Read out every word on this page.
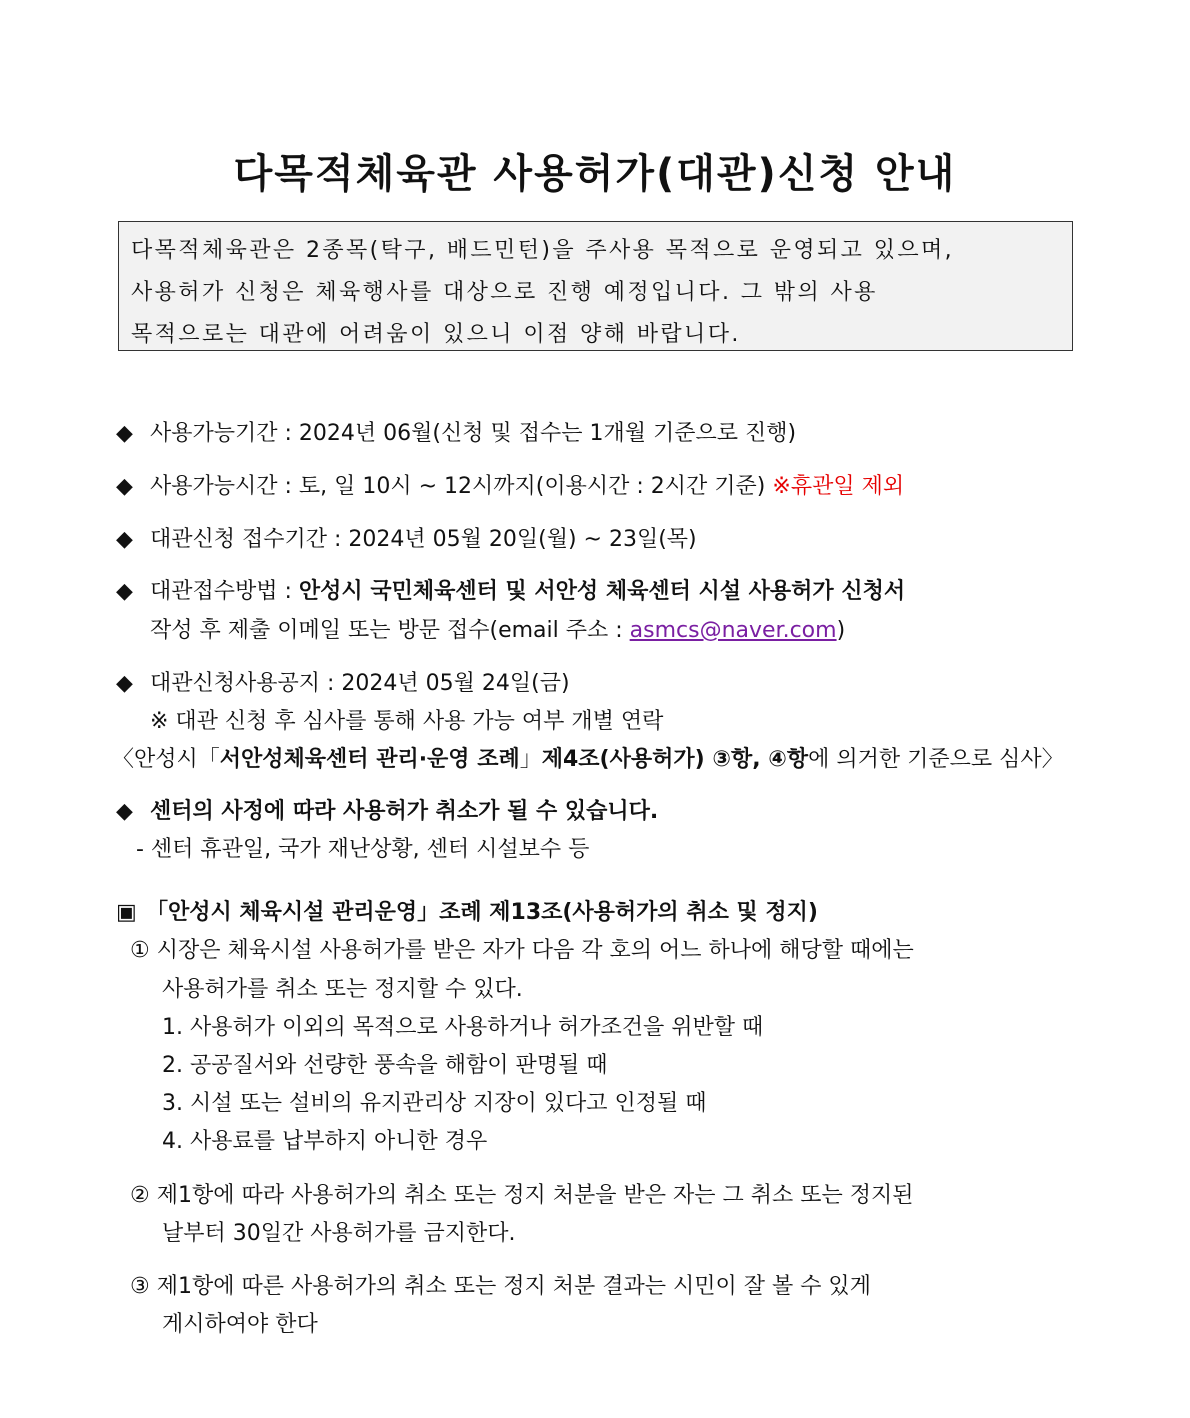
다목적체육관 사용허가(대관)신청 안내
다목적체육관은 2종목(탁구, 배드민턴)을 주사용 목적으로 운영되고 있으며,
사용허가 신청은 체육행사를 대상으로 진행 예정입니다. 그 밖의 사용
목적으로는 대관에 어려움이 있으니 이점 양해 바랍니다.
◆ 사용가능기간 : 2024년 06월(신청 및 접수는 1개월 기준으로 진행)
◆ 사용가능시간 : 토, 일 10시 ~ 12시까지(이용시간 : 2시간 기준) ※휴관일 제외
◆ 대관신청 접수기간 : 2024년 05월 20일(월) ~ 23일(목)
◆ 대관접수방법 : 안성시 국민체육센터 및 서안성 체육센터 시설 사용허가 신청서
작성 후 제출 이메일 또는 방문 접수(email 주소 : asmcs@naver.com)
◆ 대관신청사용공지 : 2024년 05월 24일(금)
※ 대관 신청 후 심사를 통해 사용 가능 여부 개별 연락
〈안성시「서안성체육센터 관리·운영 조례」제4조(사용허가) ③항, ④항에 의거한 기준으로 심사〉
◆ 센터의 사정에 따라 사용허가 취소가 될 수 있습니다.
- 센터 휴관일, 국가 재난상황, 센터 시설보수 등
▣ 「안성시 체육시설 관리운영」조례 제13조(사용허가의 취소 및 정지)
① 시장은 체육시설 사용허가를 받은 자가 다음 각 호의 어느 하나에 해당할 때에는
사용허가를 취소 또는 정지할 수 있다.
1. 사용허가 이외의 목적으로 사용하거나 허가조건을 위반할 때
2. 공공질서와 선량한 풍속을 해함이 판명될 때
3. 시설 또는 설비의 유지관리상 지장이 있다고 인정될 때
4. 사용료를 납부하지 아니한 경우
② 제1항에 따라 사용허가의 취소 또는 정지 처분을 받은 자는 그 취소 또는 정지된
날부터 30일간 사용허가를 금지한다.
③ 제1항에 따른 사용허가의 취소 또는 정지 처분 결과는 시민이 잘 볼 수 있게
게시하여야 한다
